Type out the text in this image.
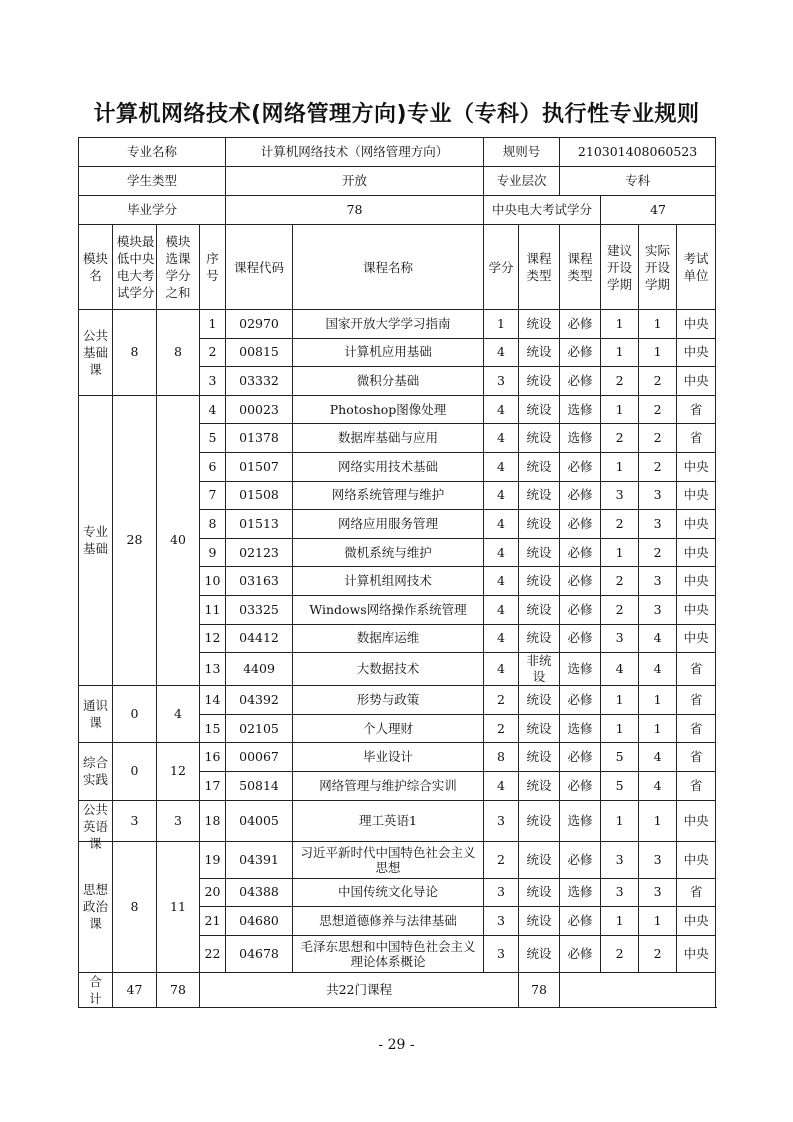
计算机网络技术(网络管理方向)专业（专科）执行性专业规则
专业名称				计算机网络技术（网络管理方向）		规则号		210301408060523			
学生类型				开放		专业层次		专科			
毕业学分				78		中央电大考试学分			47		
模块名	模块最低中央电大考试学分	模块选课学分之和	序号	课程代码	课程名称	学分	课程类型	课程类型	建议开设学期	实际开设学期	考试单位
公共基础课	8	8	1	02970	国家开放大学学习指南	1	统设	必修	1	1	中央
			2	00815	计算机应用基础	4	统设	必修	1	1	中央
			3	03332	微积分基础	3	统设	必修	2	2	中央
专业基础	28	40	4	00023	Photoshop图像处理	4	统设	选修	1	2	省
			5	01378	数据库基础与应用	4	统设	选修	2	2	省
			6	01507	网络实用技术基础	4	统设	必修	1	2	中央
			7	01508	网络系统管理与维护	4	统设	必修	3	3	中央
			8	01513	网络应用服务管理	4	统设	必修	2	3	中央
			9	02123	微机系统与维护	4	统设	必修	1	2	中央
			10	03163	计算机组网技术	4	统设	必修	2	3	中央
			11	03325	Windows网络操作系统管理	4	统设	必修	2	3	中央
			12	04412	数据库运维	4	统设	必修	3	4	中央
			13	4409	大数据技术	4	非统设	选修	4	4	省
通识课	0	4	14	04392	形势与政策	2	统设	必修	1	1	省
			15	02105	个人理财	2	统设	选修	1	1	省
综合实践	0	12	16	00067	毕业设计	8	统设	必修	5	4	省
			17	50814	网络管理与维护综合实训	4	统设	必修	5	4	省

公共英语课	3	3	18	04005	理工英语1	3	统设	选修	1	1	中央
思想政治课	8	11	19	04391	习近平新时代中国特色社会主义思想	2	统设	必修	3	3	中央
			20	04388	中国传统文化导论	3	统设	选修	3	3	省
			21	04680	思想道德修养与法律基础	3	统设	必修	1	1	中央
			22	04678	毛泽东思想和中国特色社会主义理论体系概论	3	统设	必修	2	2	中央
合计	47	78	共22门课程				78				
- 29 -
